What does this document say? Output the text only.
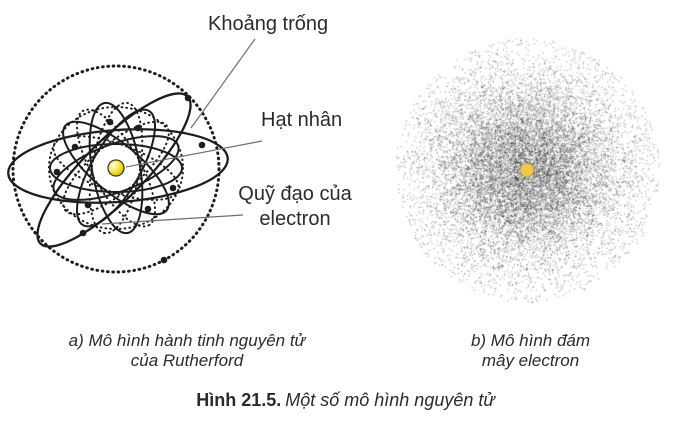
Khoảng trống
Hạt nhân
Quỹ đạo của
electron
a) Mô hình hành tinh nguyên tử
của Rutherford
b) Mô hình đám
mây electron
Hình 21.5. Một số mô hình nguyên tử
